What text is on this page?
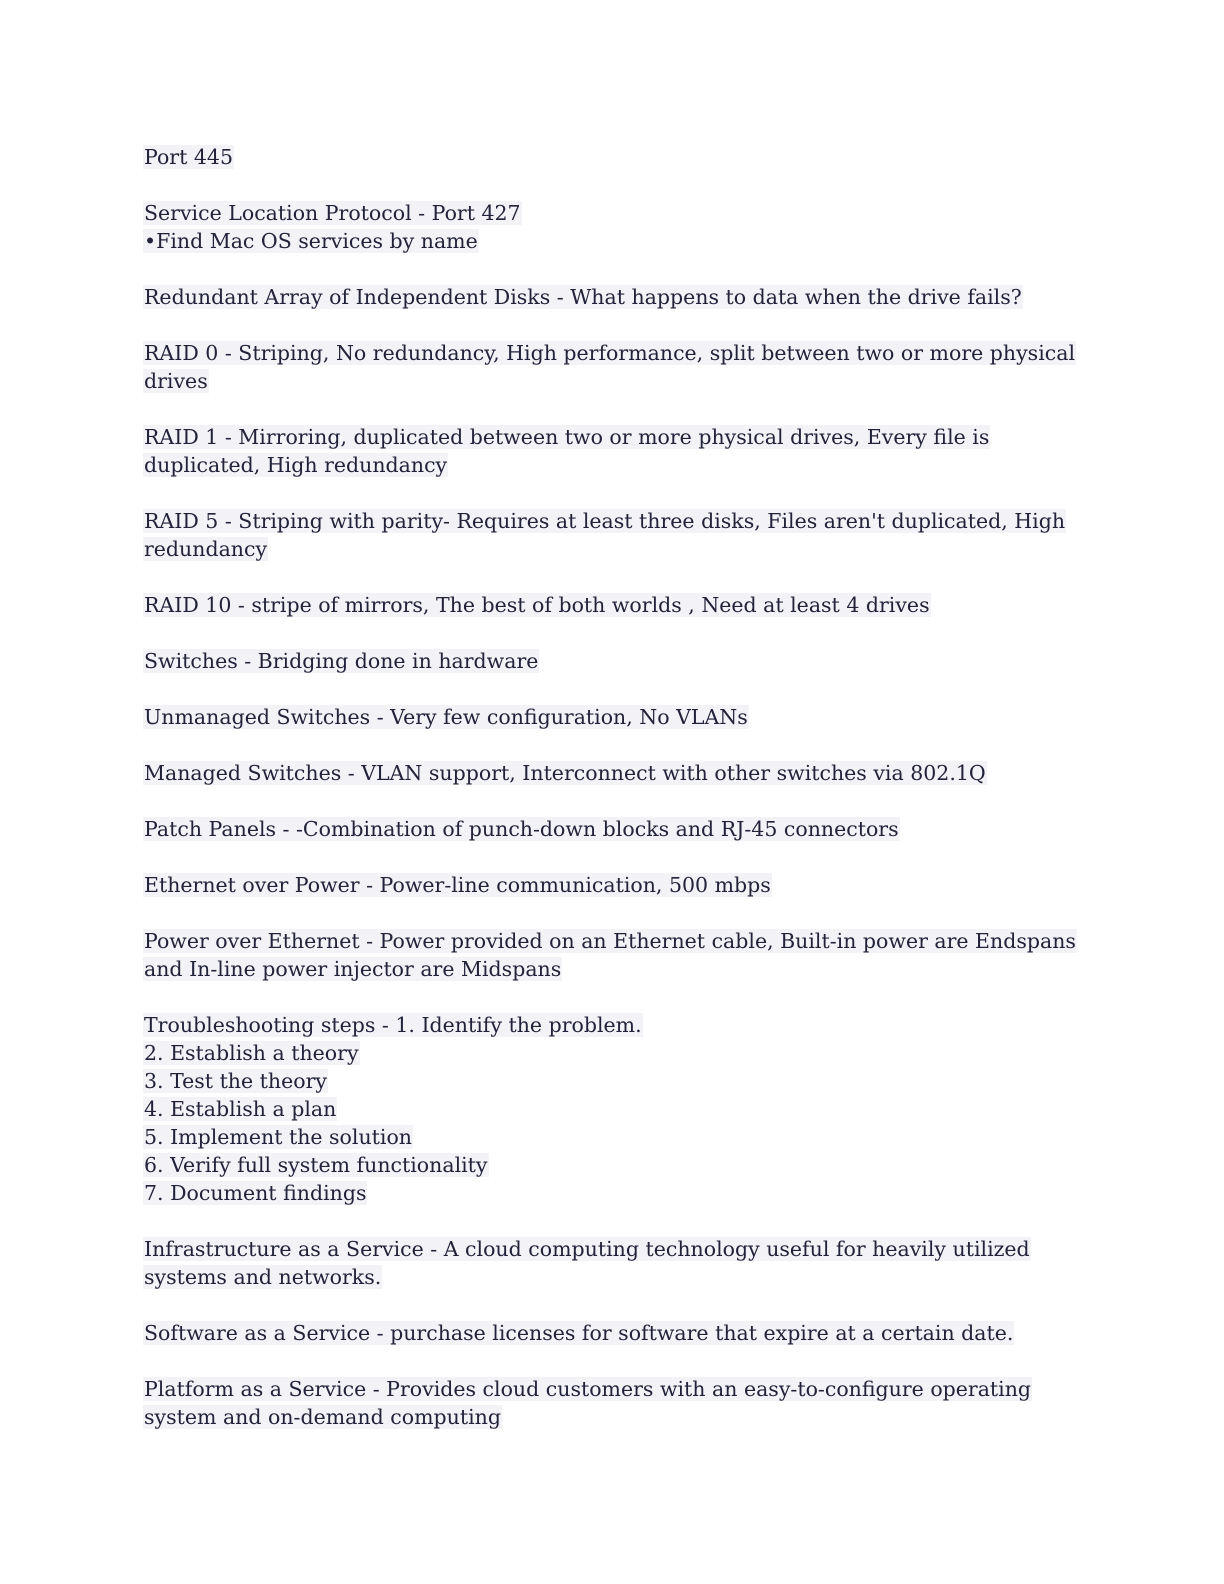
Port 445
Service Location Protocol - Port 427
•Find Mac OS services by name
Redundant Array of Independent Disks - What happens to data when the drive fails?
RAID 0 - Striping, No redundancy, High performance, split between two or more physical
drives
RAID 1 - Mirroring, duplicated between two or more physical drives, Every file is
duplicated, High redundancy
RAID 5 - Striping with parity- Requires at least three disks, Files aren't duplicated, High
redundancy
RAID 10 - stripe of mirrors, The best of both worlds , Need at least 4 drives
Switches - Bridging done in hardware
Unmanaged Switches - Very few configuration, No VLANs
Managed Switches - VLAN support, Interconnect with other switches via 802.1Q
Patch Panels - -Combination of punch-down blocks and RJ-45 connectors
Ethernet over Power - Power-line communication, 500 mbps
Power over Ethernet - Power provided on an Ethernet cable, Built-in power are Endspans
and In-line power injector are Midspans
Troubleshooting steps - 1. Identify the problem.
2. Establish a theory
3. Test the theory
4. Establish a plan
5. Implement the solution
6. Verify full system functionality
7. Document findings
Infrastructure as a Service - A cloud computing technology useful for heavily utilized
systems and networks.
Software as a Service - purchase licenses for software that expire at a certain date.
Platform as a Service - Provides cloud customers with an easy-to-configure operating
system and on-demand computing
